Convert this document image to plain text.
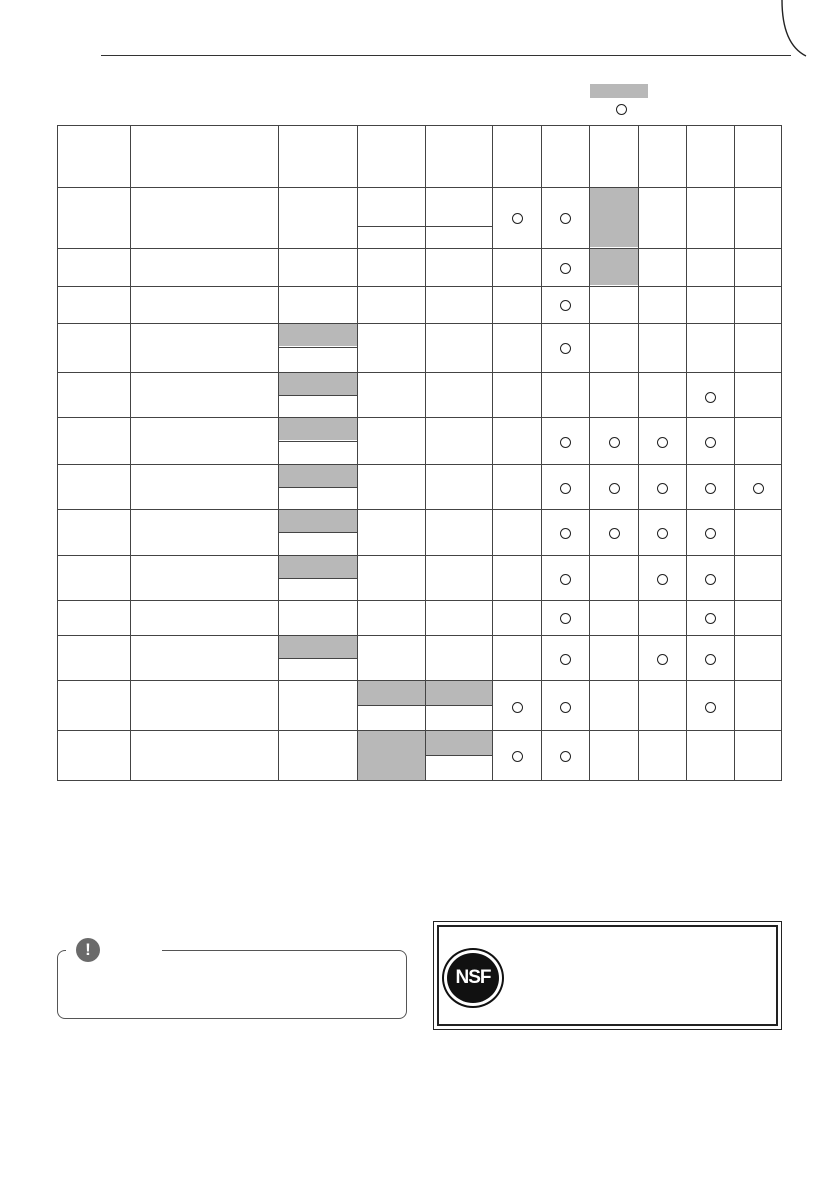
!
NSF
